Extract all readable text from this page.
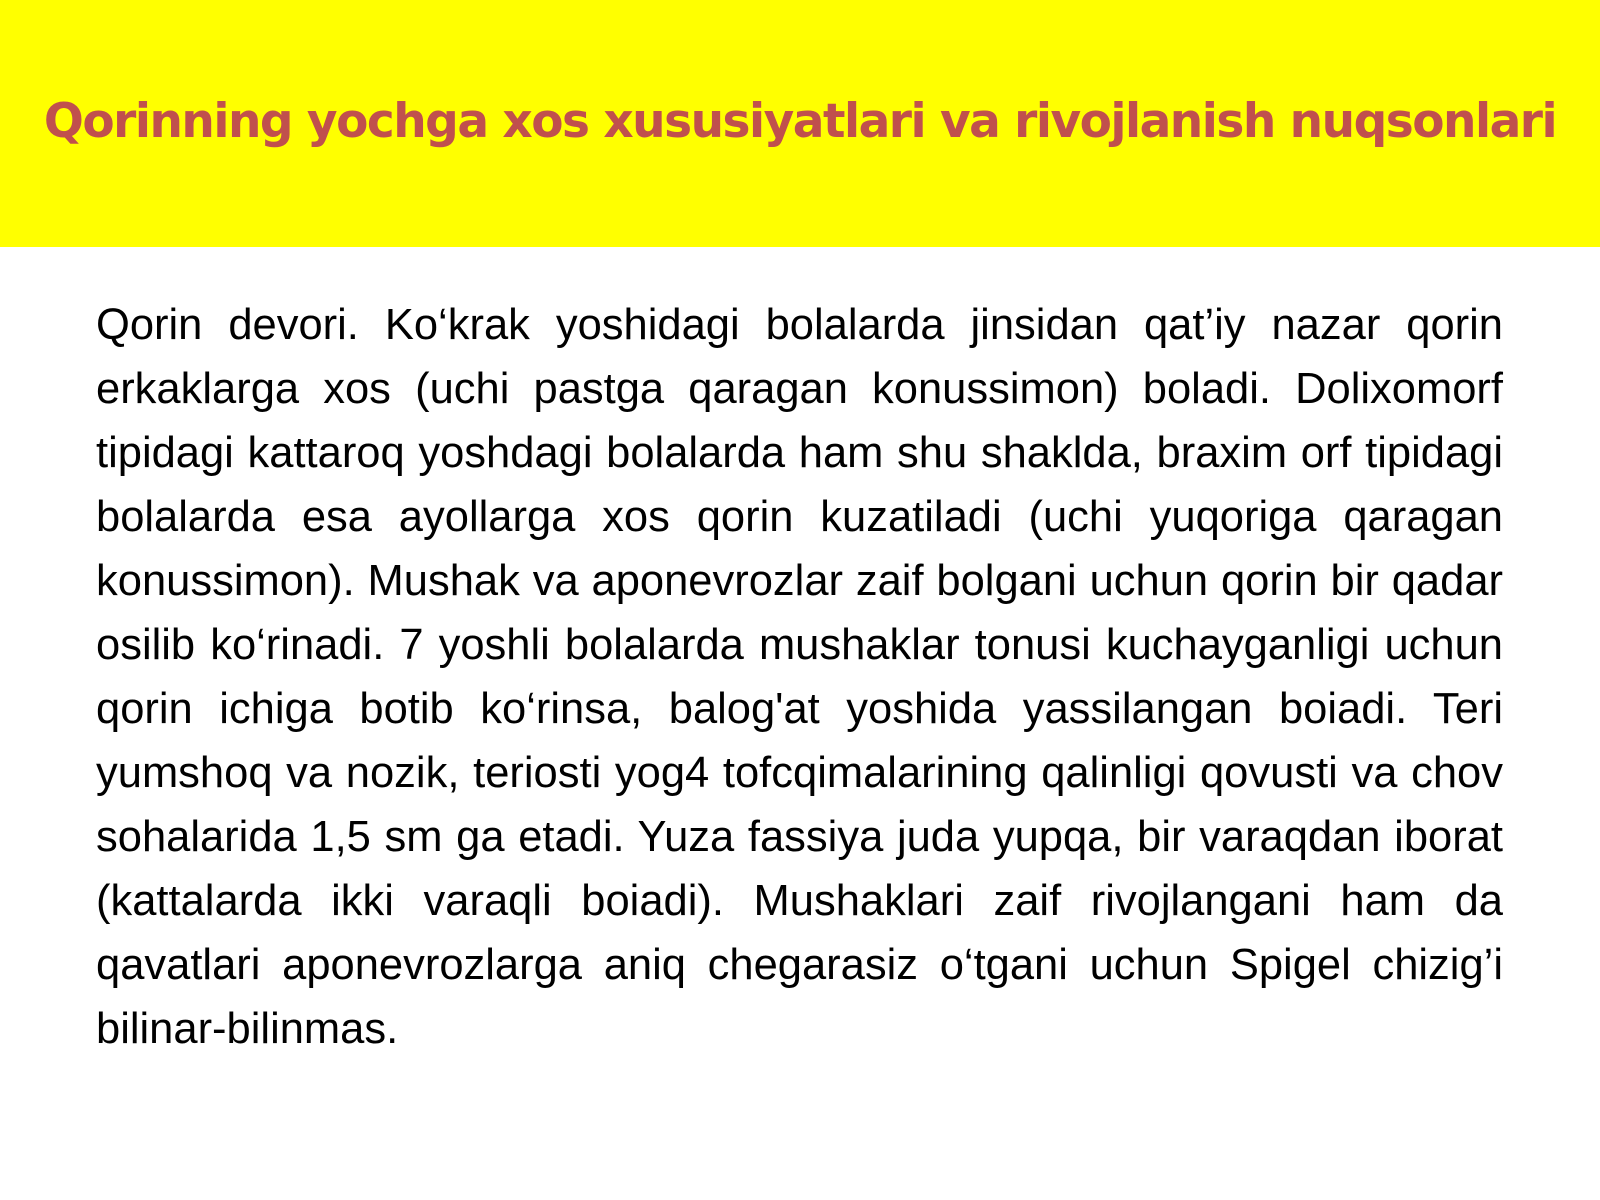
Qorinning yochga xos xususiyatlari va rivojlanish nuqsonlari

Qorin devori. Ko‘krak yoshidagi bolalarda jinsidan qat’iy nazar qorin erkaklarga xos (uchi pastga qaragan konussimon) boladi. Dolixomorf tipidagi kattaroq yoshdagi bolalarda ham shu shaklda, braxim orf tipidagi bolalarda esa ayollarga xos qorin kuzatiladi (uchi yuqoriga qaragan konussimon). Mushak va aponevrozlar zaif bolgani uchun qorin bir qadar osilib ko‘rinadi. 7 yoshli bolalarda mushaklar tonusi kuchayganligi uchun qorin ichiga botib ko‘rinsa, balog'at yoshida yassilangan boiadi. Teri yumshoq va nozik, teriosti yog4 tofcqimalarining qalinligi qovusti va chov sohalarida 1,5 sm ga etadi. Yuza fassiya juda yupqa, bir varaqdan iborat (kattalarda ikki varaqli boiadi). Mushaklari zaif rivojlangani ham da qavatlari aponevrozlarga aniq chegarasiz o‘tgani uchun Spigel chizig’i bilinar-bilinmas.
